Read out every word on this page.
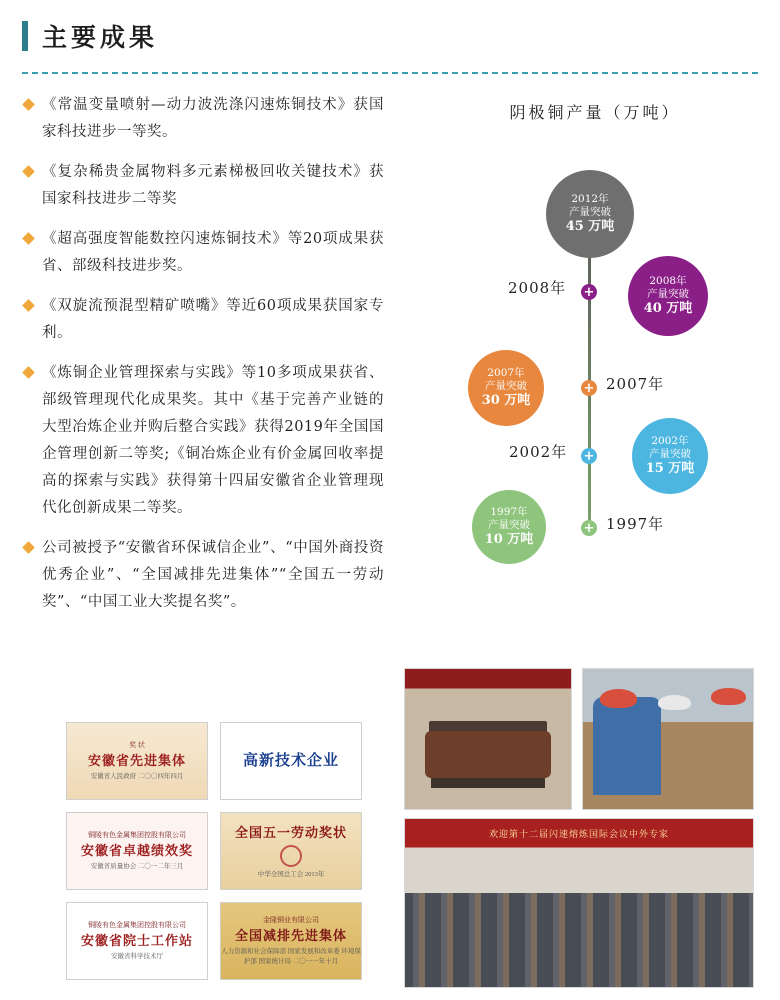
主要成果
《常温变量喷射—动力波洗涤闪速炼铜技术》获国家科技进步一等奖。
《复杂稀贵金属物料多元素梯极回收关键技术》获国家科技进步二等奖
《超高强度智能数控闪速炼铜技术》等20项成果获省、部级科技进步奖。
《双旋流预混型精矿喷嘴》等近60项成果获国家专利。
《炼铜企业管理探索与实践》等10多项成果获省、部级管理现代化成果奖。其中《基于完善产业链的大型冶炼企业并购后整合实践》获得2019年全国国企管理创新二等奖;《铜冶炼企业有价金属回收率提高的探索与实践》获得第十四届安徽省企业管理现代化创新成果二等奖。
公司被授予“安徽省环保诚信企业”、“中国外商投资优秀企业”、“全国减排先进集体”“全国五一劳动奖”、“中国工业大奖提名奖”。
阴极铜产量（万吨）
2012年
产量突破
45 万吨
2008年
产量突破
40 万吨
2007年
产量突破
30 万吨
2002年
产量突破
15 万吨
1997年
产量突破
10 万吨
+
+
+
+
2008年
2007年
2002年
1997年
奖 状
安徽省先进集体
安徽省人民政府 二〇〇四年四月
高新技术企业
铜陵有色金属集团控股有限公司
安徽省卓越绩效奖
安徽省质量协会 二〇一二年三月
全国五一劳动奖状
中华全国总工会 2013年
铜陵有色金属集团控股有限公司
安徽省院士工作站
安徽省科学技术厅
金隆铜业有限公司
全国减排先进集体
人力资源和社会保障部 国家发展和改革委 环境保护部 国家统计局 二〇一一年十月
欢迎第十二届闪速熔炼国际会议中外专家
